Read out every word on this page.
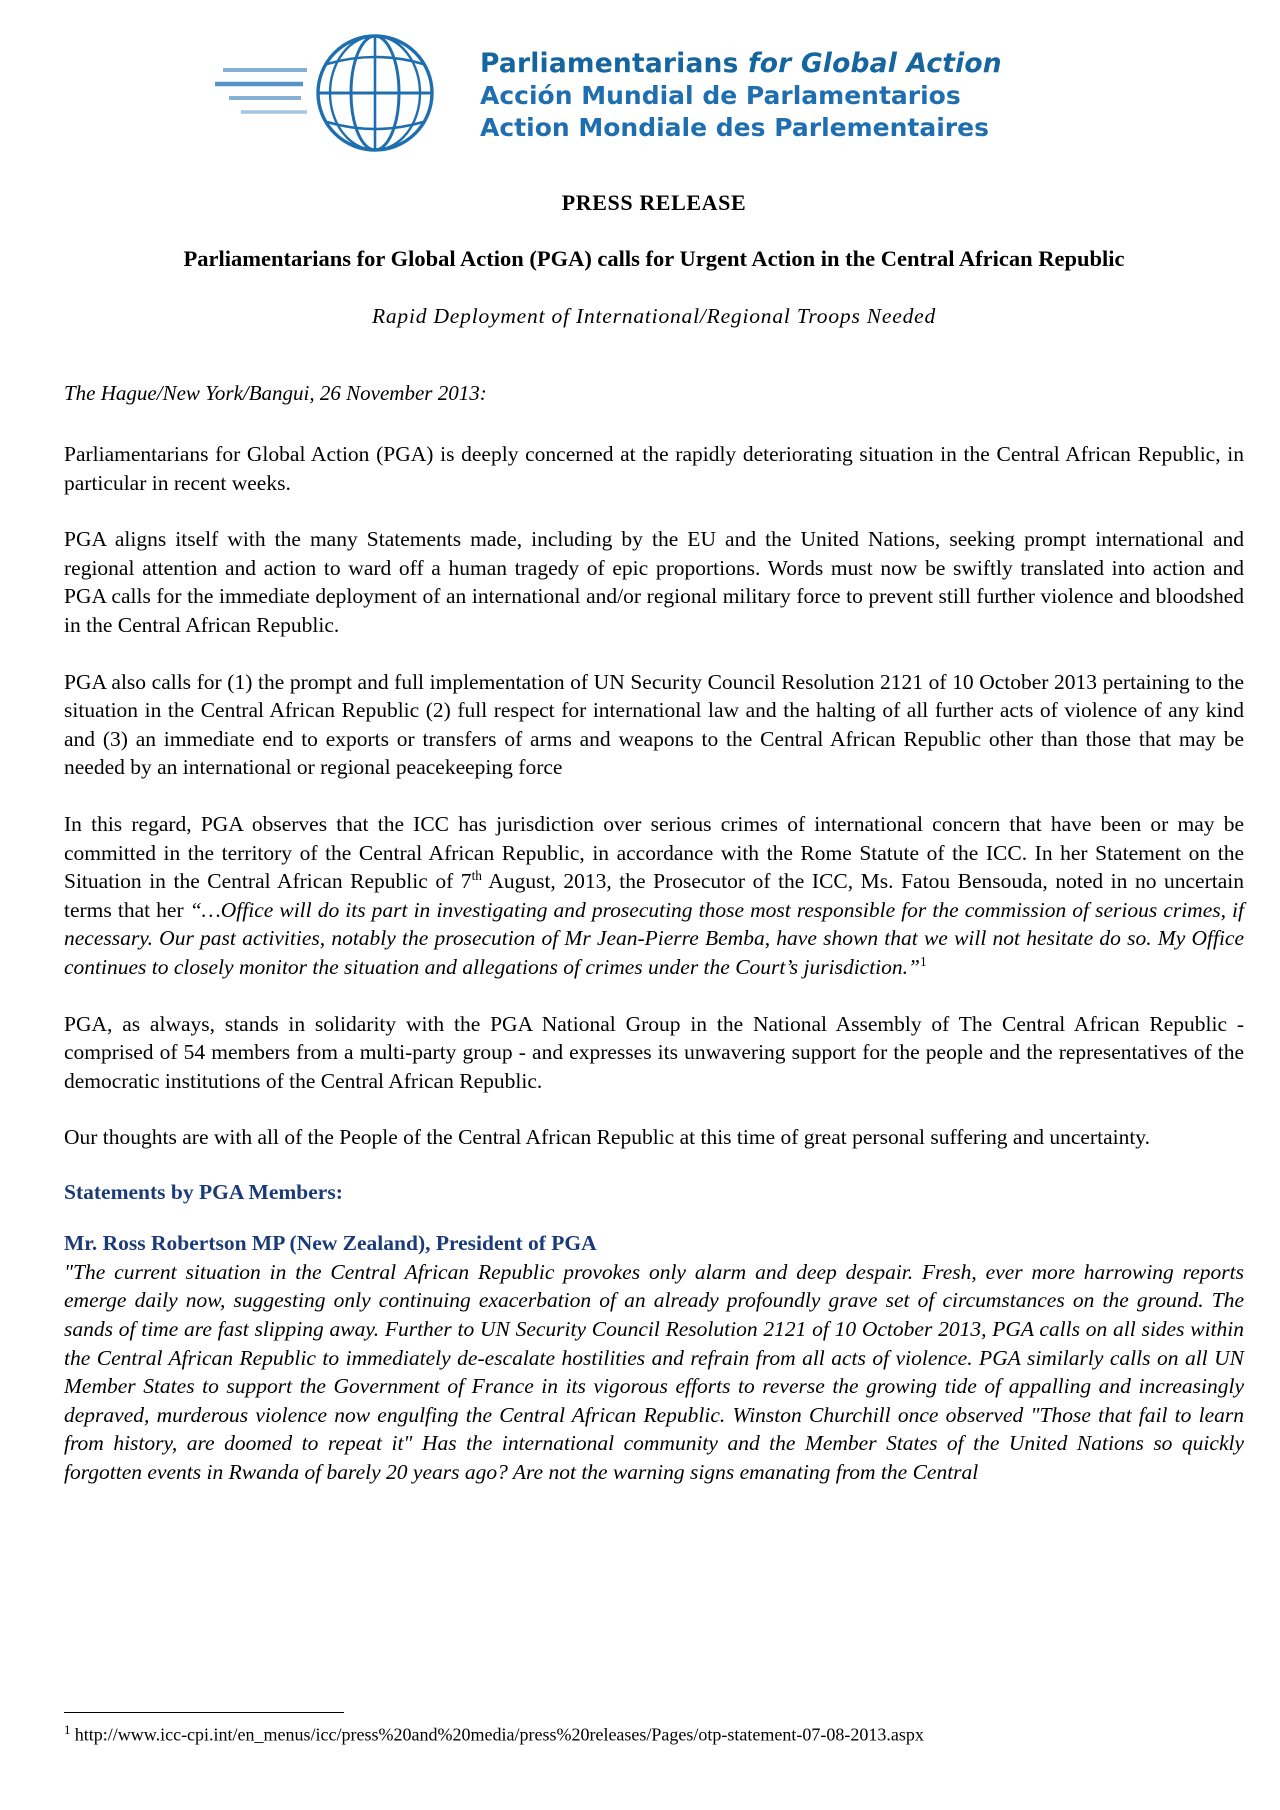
Parliamentarians for Global Action
Acción Mundial de Parlamentarios
Action Mondiale des Parlementaires
PRESS RELEASE
Parliamentarians for Global Action (PGA) calls for Urgent Action in the Central African Republic
Rapid Deployment of International/Regional Troops Needed
The Hague/New York/Bangui, 26 November 2013:

Parliamentarians for Global Action (PGA) is deeply concerned at the rapidly deteriorating situation in the Central African Republic, in particular in recent weeks.

PGA aligns itself with the many Statements made, including by the EU and the United Nations, seeking prompt international and regional attention and action to ward off a human tragedy of epic proportions. Words must now be swiftly translated into action and PGA calls for the immediate deployment of an international and/or regional military force to prevent still further violence and bloodshed in the Central African Republic.

PGA also calls for (1) the prompt and full implementation of UN Security Council Resolution 2121 of 10 October 2013 pertaining to the situation in the Central African Republic (2) full respect for international law and the halting of all further acts of violence of any kind and (3) an immediate end to exports or transfers of arms and weapons to the Central African Republic other than those that may be needed by an international or regional peacekeeping force

In this regard, PGA observes that the ICC has jurisdiction over serious crimes of international concern that have been or may be committed in the territory of the Central African Republic, in accordance with the Rome Statute of the ICC. In her Statement on the Situation in the Central African Republic of 7th August, 2013, the Prosecutor of the ICC, Ms. Fatou Bensouda, noted in no uncertain terms that her “…Office will do its part in investigating and prosecuting those most responsible for the commission of serious crimes, if necessary. Our past activities, notably the prosecution of Mr Jean-Pierre Bemba, have shown that we will not hesitate do so. My Office continues to closely monitor the situation and allegations of crimes under the Court’s jurisdiction.”$^1$

PGA, as always, stands in solidarity with the PGA National Group in the National Assembly of The Central African Republic - comprised of 54 members from a multi-party group - and expresses its unwavering support for the people and the representatives of the democratic institutions of the Central African Republic.

Our thoughts are with all of the People of the Central African Republic at this time of great personal suffering and uncertainty.

Statements by PGA Members:
Mr. Ross Robertson MP (New Zealand), President of PGA

"The current situation in the Central African Republic provokes only alarm and deep despair. Fresh, ever more harrowing reports emerge daily now, suggesting only continuing exacerbation of an already profoundly grave set of circumstances on the ground. The sands of time are fast slipping away. Further to UN Security Council Resolution 2121 of 10 October 2013, PGA calls on all sides within the Central African Republic to immediately de-escalate hostilities and refrain from all acts of violence. PGA similarly calls on all UN Member States to support the Government of France in its vigorous efforts to reverse the growing tide of appalling and increasingly depraved, murderous violence now engulfing the Central African Republic. Winston Churchill once observed "Those that fail to learn from history, are doomed to repeat it" Has the international community and the Member States of the United Nations so quickly forgotten events in Rwanda of barely 20 years ago? Are not the warning signs emanating from the Central

$^1$ http://www.icc-cpi.int/en_menus/icc/press%20and%20media/press%20releases/Pages/otp-statement-07-08-2013.aspx
